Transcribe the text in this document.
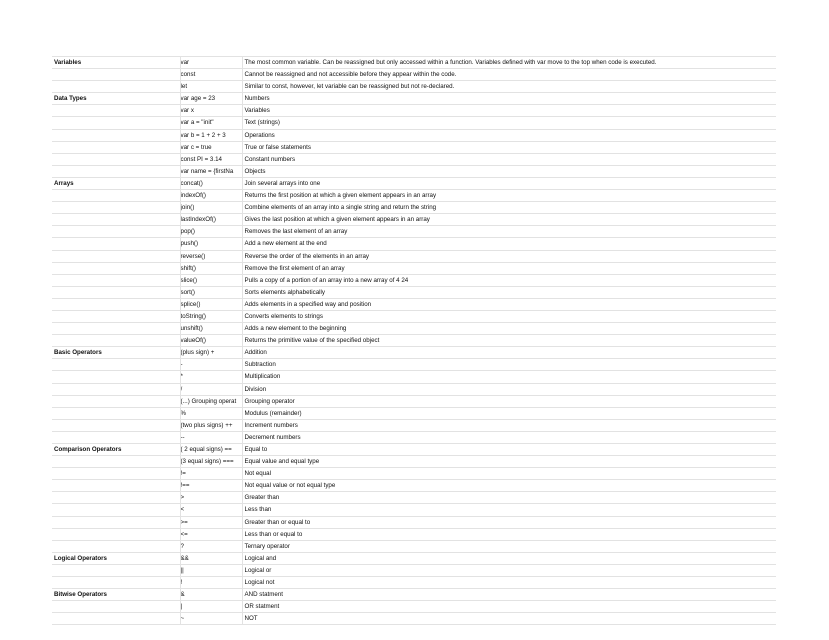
Variables	var	The most common variable. Can be reassigned but only accessed within a function. Variables defined with var move to the top when code is executed.
	const	Cannot be reassigned and not accessible before they appear within the code.
	let	Similar to const, however, let variable can be reassigned but not re-declared.
Data Types	var age = 23	Numbers
	var x	Variables
	var a = "init"	Text (strings)
	var b = 1 + 2 + 3	Operations
	var c = true	True or false statements
	const PI = 3.14	Constant numbers
	var name = {firstNa	Objects
Arrays	concat()	Join several arrays into one
	indexOf()	Returns the first position at which a given element appears in an array
	join()	Combine elements of an array into a single string and return the string
	lastIndexOf()	Gives the last position at which a given element appears in an array
	pop()	Removes the last element of an array
	push()	Add a new element at the end
	reverse()	Reverse the order of the elements in an array
	shift()	Remove the first element of an array
	slice()	Pulls a copy of a portion of an array into a new array of 4 24
	sort()	Sorts elements alphabetically
	splice()	Adds elements in a specified way and position
	toString()	Converts elements to strings
	unshift()	Adds a new element to the beginning
	valueOf()	Returns the primitive value of the specified object
Basic Operators	(plus sign) +	Addition
	-	Subtraction
	*	Multiplication
	/	Division
	(...) Grouping operat	Grouping operator
	%	Modulus (remainder)
	(two plus signs) ++	Increment numbers
	--	Decrement numbers
Comparison Operators	( 2 equal signs) ==	Equal to
	(3 equal signs) ===	Equal value and equal type
	!=	Not equal
	!==	Not equal value or not equal type
	>	Greater than
	<	Less than
	>=	Greater than or equal to
	<=	Less than or equal to
	?	Ternary operator
Logical Operators	&&	Logical and
	||	Logical or
	!	Logical not
Bitwise Operators	&	AND statment
	|	OR statment
	~	NOT
